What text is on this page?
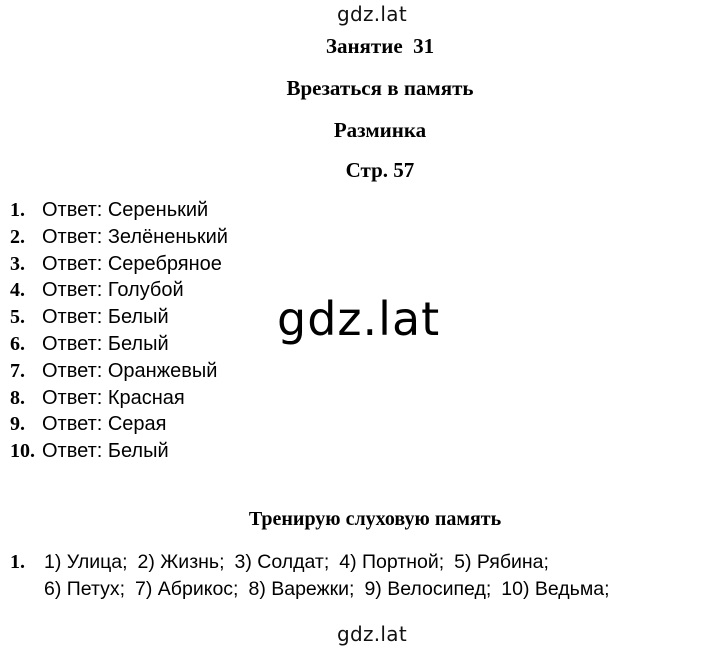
gdz.lat
Занятие  31
Врезаться в память
Разминка
Стр. 57
1. Ответ: Серенький
2. Ответ: Зелёненький
3. Ответ: Серебряное
4. Ответ: Голубой
5. Ответ: Белый
6. Ответ: Белый
7. Ответ: Оранжевый
8. Ответ: Красная
9. Ответ: Серая
10. Ответ: Белый
gdz.lat
Тренирую слуховую память
1. 1) Улица; 2) Жизнь; 3) Солдат; 4) Портной; 5) Рябина;
6) Петух; 7) Абрикос; 8) Варежки; 9) Велосипед; 10) Ведьма;
gdz.lat
